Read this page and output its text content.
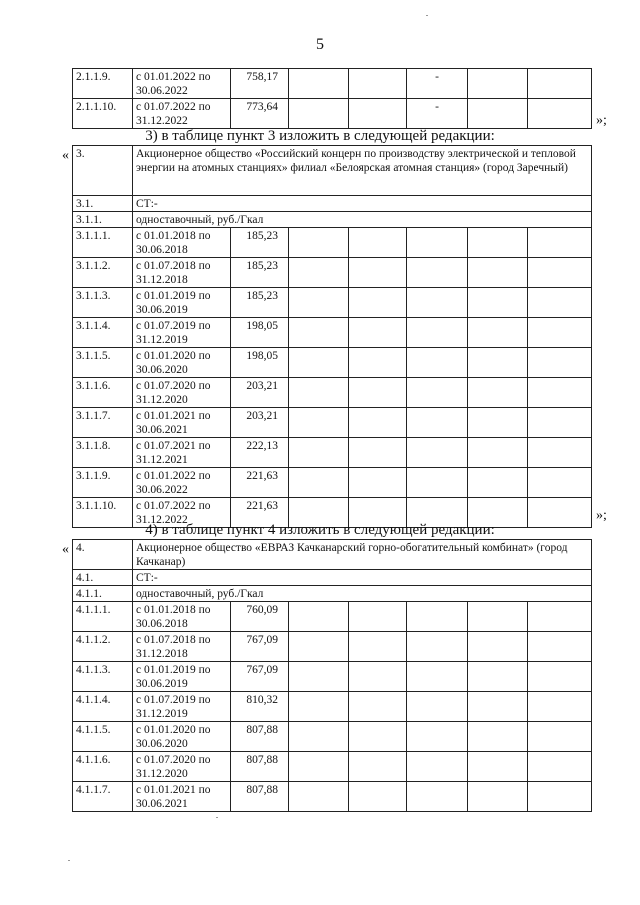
5
2.1.1.9.	с 01.01.2022 по 30.06.2022	758,17			-		
2.1.1.10.	с 01.07.2022 по 31.12.2022	773,64			-		
»;
3) в таблице пункт 3 изложить в следующей редакции:
« 3.	Акционерное общество «Российский концерн по производству электрической и тепловой энергии на атомных станциях» филиал «Белоярская атомная станция» (город Заречный)						
3.1.	СТ:-						
3.1.1.	одноставочный, руб./Гкал						
3.1.1.1.	с 01.01.2018 по 30.06.2018	185,23					
3.1.1.2.	с 01.07.2018 по 31.12.2018	185,23					
3.1.1.3.	с 01.01.2019 по 30.06.2019	185,23					
3.1.1.4.	с 01.07.2019 по 31.12.2019	198,05					
3.1.1.5.	с 01.01.2020 по 30.06.2020	198,05					
3.1.1.6.	с 01.07.2020 по 31.12.2020	203,21					
3.1.1.7.	с 01.01.2021 по 30.06.2021	203,21					
3.1.1.8.	с 01.07.2021 по 31.12.2021	222,13					
3.1.1.9.	с 01.01.2022 по 30.06.2022	221,63					
3.1.1.10.	с 01.07.2022 по 31.12.2022	221,63					
»;
4) в таблице пункт 4 изложить в следующей редакции:
« 4.	Акционерное общество «ЕВРАЗ Качканарский горно-обогатительный комбинат» (город Качканар)						
4.1.	СТ:-						
4.1.1.	одноставочный, руб./Гкал						
4.1.1.1.	с 01.01.2018 по 30.06.2018	760,09					
4.1.1.2.	с 01.07.2018 по 31.12.2018	767,09					
4.1.1.3.	с 01.01.2019 по 30.06.2019	767,09					
4.1.1.4.	с 01.07.2019 по 31.12.2019	810,32					
4.1.1.5.	с 01.01.2020 по 30.06.2020	807,88					
4.1.1.6.	с 01.07.2020 по 31.12.2020	807,88					
4.1.1.7.	с 01.01.2021 по 30.06.2021	807,88					
